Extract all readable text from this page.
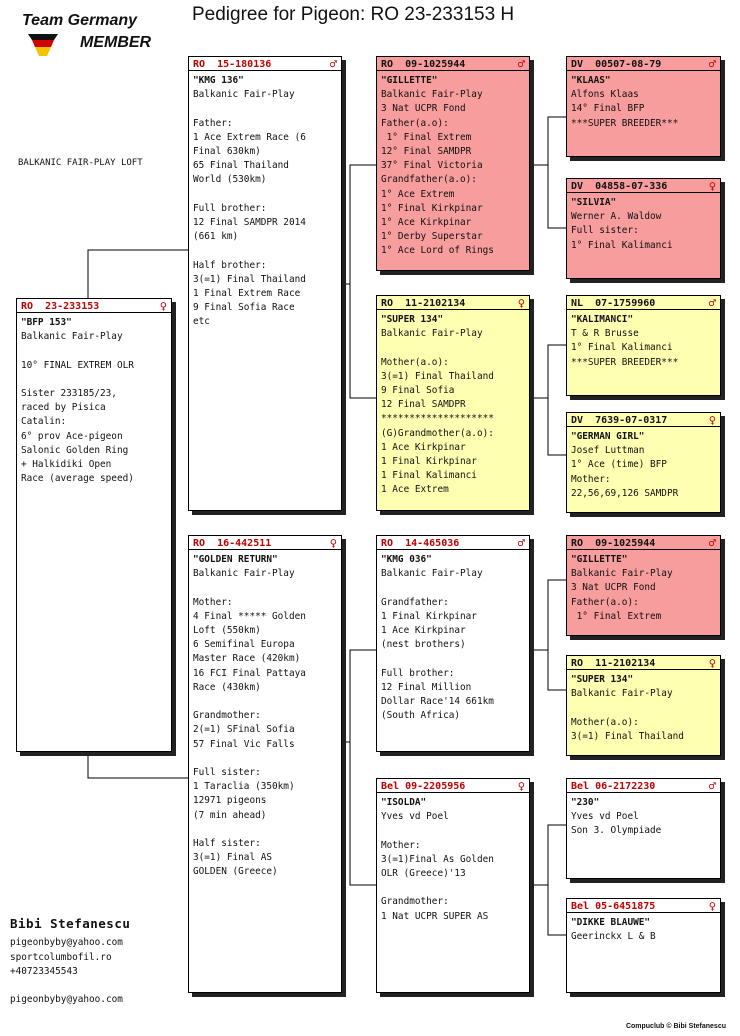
Team Germany
MEMBER
Pedigree for Pigeon: RO 23-233153 H
BALKANIC FAIR-PLAY LOFT
RO  23-233153	♀
"BFP 153"
Balkanic Fair-Play
10° FINAL EXTREM OLR
Sister 233185/23,
raced by Pisica
Catalin:
6° prov Ace-pigeon
Salonic Golden Ring
+ Halkidiki Open
Race (average speed)
RO  15-180136	♂
"KMG 136"
Balkanic Fair-Play
Father:
1 Ace Extrem Race (6
Final 630km)
65 Final Thailand
World (530km)
Full brother:
12 Final SAMDPR 2014
(661 km)
Half brother:
3(=1) Final Thailand
1 Final Extrem Race
9 Final Sofia Race
etc
RO  16-442511	♀
"GOLDEN RETURN"
Balkanic Fair-Play
Mother:
4 Final ***** Golden
Loft (550km)
6 Semifinal Europa
Master Race (420km)
16 FCI Final Pattaya
Race (430km)
Grandmother:
2(=1) SFinal Sofia
57 Final Vic Falls
Full sister:
1 Taraclia (350km)
12971 pigeons
(7 min ahead)
Half sister:
3(=1) Final AS
GOLDEN (Greece)
RO  09-1025944	♂
"GILLETTE"
Balkanic Fair-Play
3 Nat UCPR Fond
Father(a.o):
1° Final Extrem
12° Final SAMDPR
37° Final Victoria
Grandfather(a.o):
1° Ace Extrem
1° Final Kirkpinar
1° Ace Kirkpinar
1° Derby Superstar
1° Ace Lord of Rings
RO  11-2102134	♀
"SUPER 134"
Balkanic Fair-Play
Mother(a.o):
3(=1) Final Thailand
9 Final Sofia
12 Final SAMDPR
********************
(G)Grandmother(a.o):
1 Ace Kirkpinar
1 Final Kirkpinar
1 Final Kalimanci
1 Ace Extrem
RO  14-465036	♂
"KMG 036"
Balkanic Fair-Play
Grandfather:
1 Final Kirkpinar
1 Ace Kirkpinar
(nest brothers)
Full brother:
12 Final Million
Dollar Race'14 661km
(South Africa)
Bel 09-2205956	♀
"ISOLDA"
Yves vd Poel
Mother:
3(=1)Final As Golden
OLR (Greece)'13
Grandmother:
1 Nat UCPR SUPER AS
DV  00507-08-79	♂
"KLAAS"
Alfons Klaas
14° Final BFP
***SUPER BREEDER***
DV  04858-07-336	♀
"SILVIA"
Werner A. Waldow
Full sister:
1° Final Kalimanci
NL  07-1759960	♂
"KALIMANCI"
T & R Brusse
1° Final Kalimanci
***SUPER BREEDER***
DV  7639-07-0317	♀
"GERMAN GIRL"
Josef Luttman
1° Ace (time) BFP
Mother:
22,56,69,126 SAMDPR
RO  09-1025944	♂
"GILLETTE"
Balkanic Fair-Play
3 Nat UCPR Fond
Father(a.o):
1° Final Extrem
RO  11-2102134	♀
"SUPER 134"
Balkanic Fair-Play
Mother(a.o):
3(=1) Final Thailand
Bel 06-2172230	♂
"230"
Yves vd Poel
Son 3. Olympiade
Bel 05-6451875	♀
"DIKKE BLAUWE"
Geerinckx L & B
Bibi Stefanescu
pigeonbyby@yahoo.com
sportcolumbofil.ro
+40723345543
pigeonbyby@yahoo.com
Compuclub © Bibi Stefanescu
